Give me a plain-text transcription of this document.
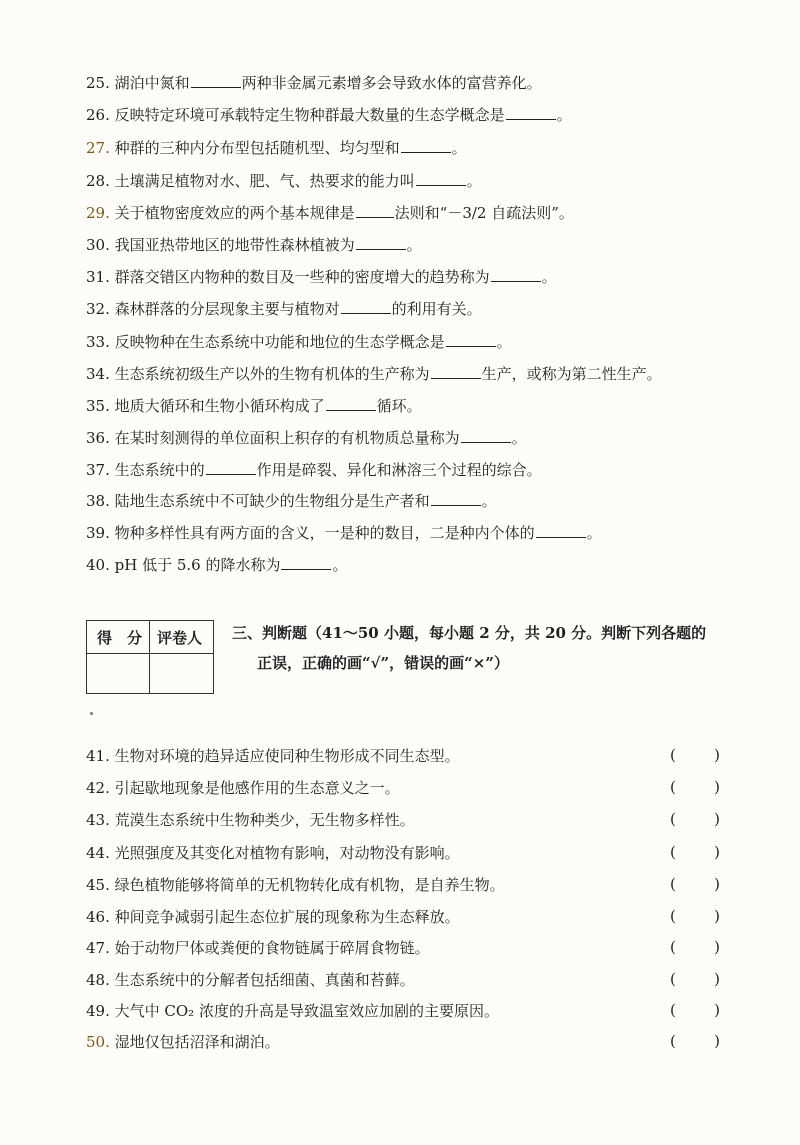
25. 湖泊中氮和	两种非金属元素增多会导致水体的富营养化。
26. 反映特定环境可承载特定生物种群最大数量的生态学概念是	。
27. 种群的三种内分布型包括随机型、均匀型和	。
28. 土壤满足植物对水、肥、气、热要求的能力叫	。
29. 关于植物密度效应的两个基本规律是	法则和“－3/2 自疏法则”。
30. 我国亚热带地区的地带性森林植被为	。
31. 群落交错区内物种的数目及一些种的密度增大的趋势称为	。
32. 森林群落的分层现象主要与植物对	的利用有关。
33. 反映物种在生态系统中功能和地位的生态学概念是	。
34. 生态系统初级生产以外的生物有机体的生产称为	生产，或称为第二性生产。
35. 地质大循环和生物小循环构成了	循环。
36. 在某时刻测得的单位面积上积存的有机物质总量称为	。
37. 生态系统中的	作用是碎裂、异化和淋溶三个过程的综合。
38. 陆地生态系统中不可缺少的生物组分是生产者和	。
39. 物种多样性具有两方面的含义，一是种的数目，二是种内个体的	。
40. pH 低于 5.6 的降水称为	。
得　分 评卷人 三、判断题（41～50 小题，每小题 2 分，共 20 分。判断下列各题的
正误，正确的画“√”，错误的画“×”）
41. 生物对环境的趋异适应使同种生物形成不同生态型。	(	)
42. 引起歇地现象是他感作用的生态意义之一。	(	)
43. 荒漠生态系统中生物种类少，无生物多样性。	(	)
44. 光照强度及其变化对植物有影响，对动物没有影响。	(	)
45. 绿色植物能够将简单的无机物转化成有机物，是自养生物。	(	)
46. 种间竞争减弱引起生态位扩展的现象称为生态释放。	(	)
47. 始于动物尸体或粪便的食物链属于碎屑食物链。	(	)
48. 生态系统中的分解者包括细菌、真菌和苔藓。	(	)
49. 大气中 CO₂ 浓度的升高是导致温室效应加剧的主要原因。	(	)
50. 湿地仅包括沼泽和湖泊。	(	)
